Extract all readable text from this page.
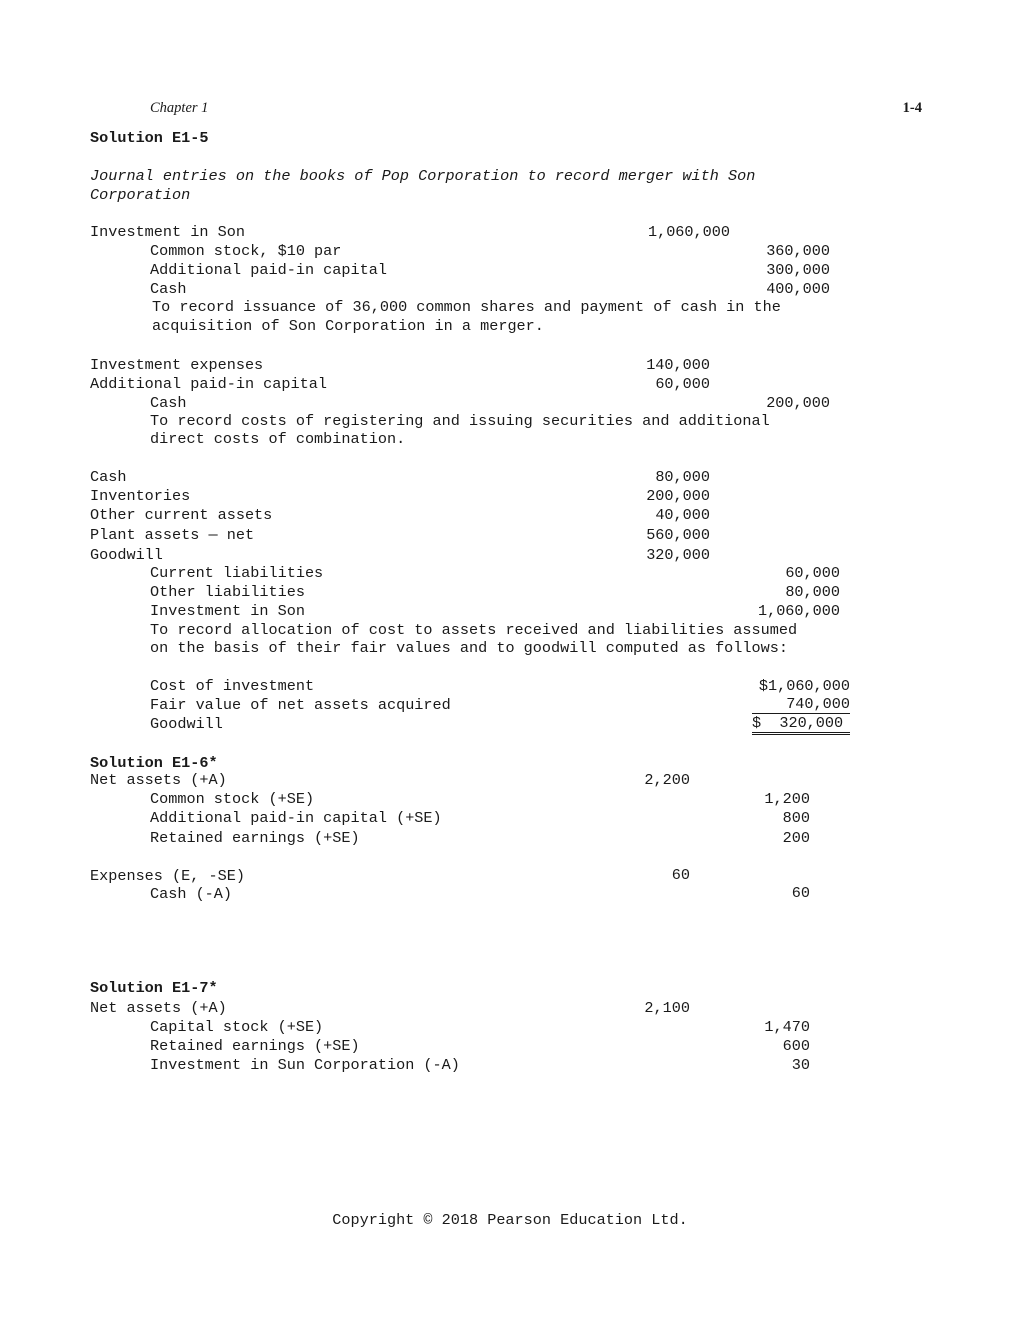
Chapter 1	1-4
Solution E1-5
Journal entries on the books of Pop Corporation to record merger with Son
Corporation
Investment in Son	1,060,000
Common stock, $10 par	360,000
Additional paid-in capital	300,000
Cash	400,000
To record issuance of 36,000 common shares and payment of cash in the
acquisition of Son Corporation in a merger.
Investment expenses	140,000
Additional paid-in capital	60,000
Cash	200,000
To record costs of registering and issuing securities and additional
direct costs of combination.
Cash	80,000
Inventories	200,000
Other current assets	40,000
Plant assets — net	560,000
Goodwill	320,000
Current liabilities	60,000
Other liabilities	80,000
Investment in Son	1,060,000
To record allocation of cost to assets received and liabilities assumed
on the basis of their fair values and to goodwill computed as follows:
Cost of investment	$1,060,000
Fair value of net assets acquired	740,000
Goodwill	$  320,000
Solution E1-6*
Net assets (+A)	2,200
Common stock (+SE)	1,200
Additional paid-in capital (+SE)	800
Retained earnings (+SE)	200
Expenses (E, -SE)	60
Cash (-A)	60
Solution E1-7*
Net assets (+A)	2,100
Capital stock (+SE)	1,470
Retained earnings (+SE)	600
Investment in Sun Corporation (-A)	30
Copyright © 2018 Pearson Education Ltd.
